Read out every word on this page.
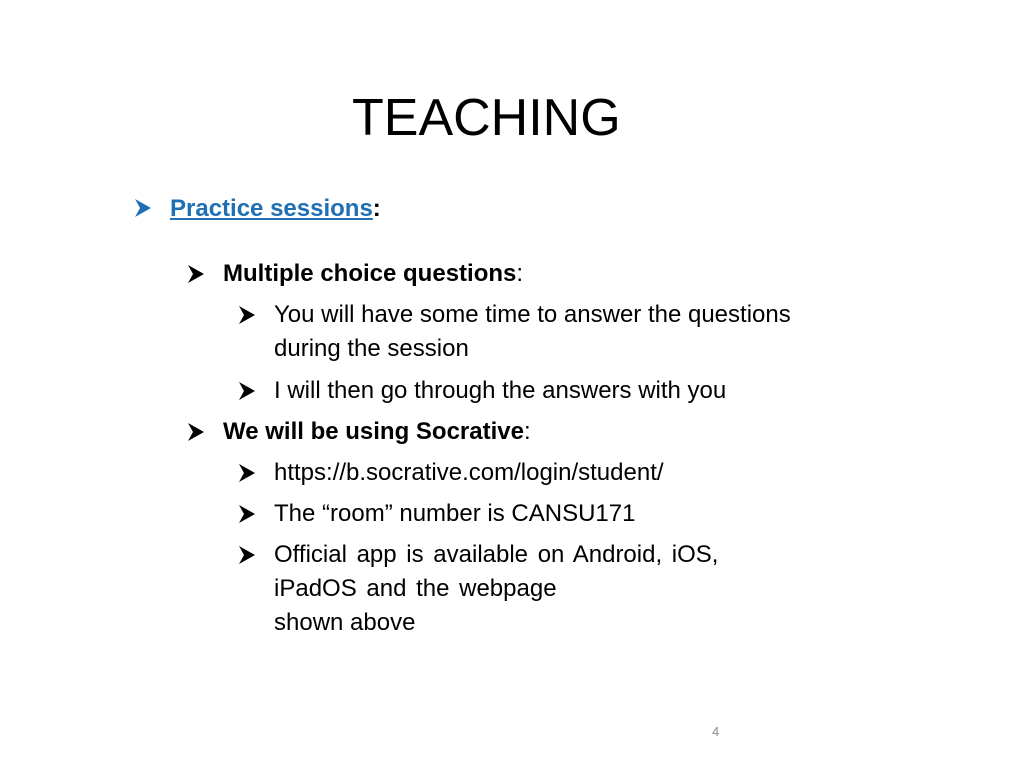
TEACHING
Practice sessions:
Multiple choice questions:
You will have some time to answer the questions
during the session
I will then go through the answers with you
We will be using Socrative:
https://b.socrative.com/login/student/
The “room” number is CANSU171
Official app is available on Android, iOS,
iPadOS and the webpage
shown above
4
